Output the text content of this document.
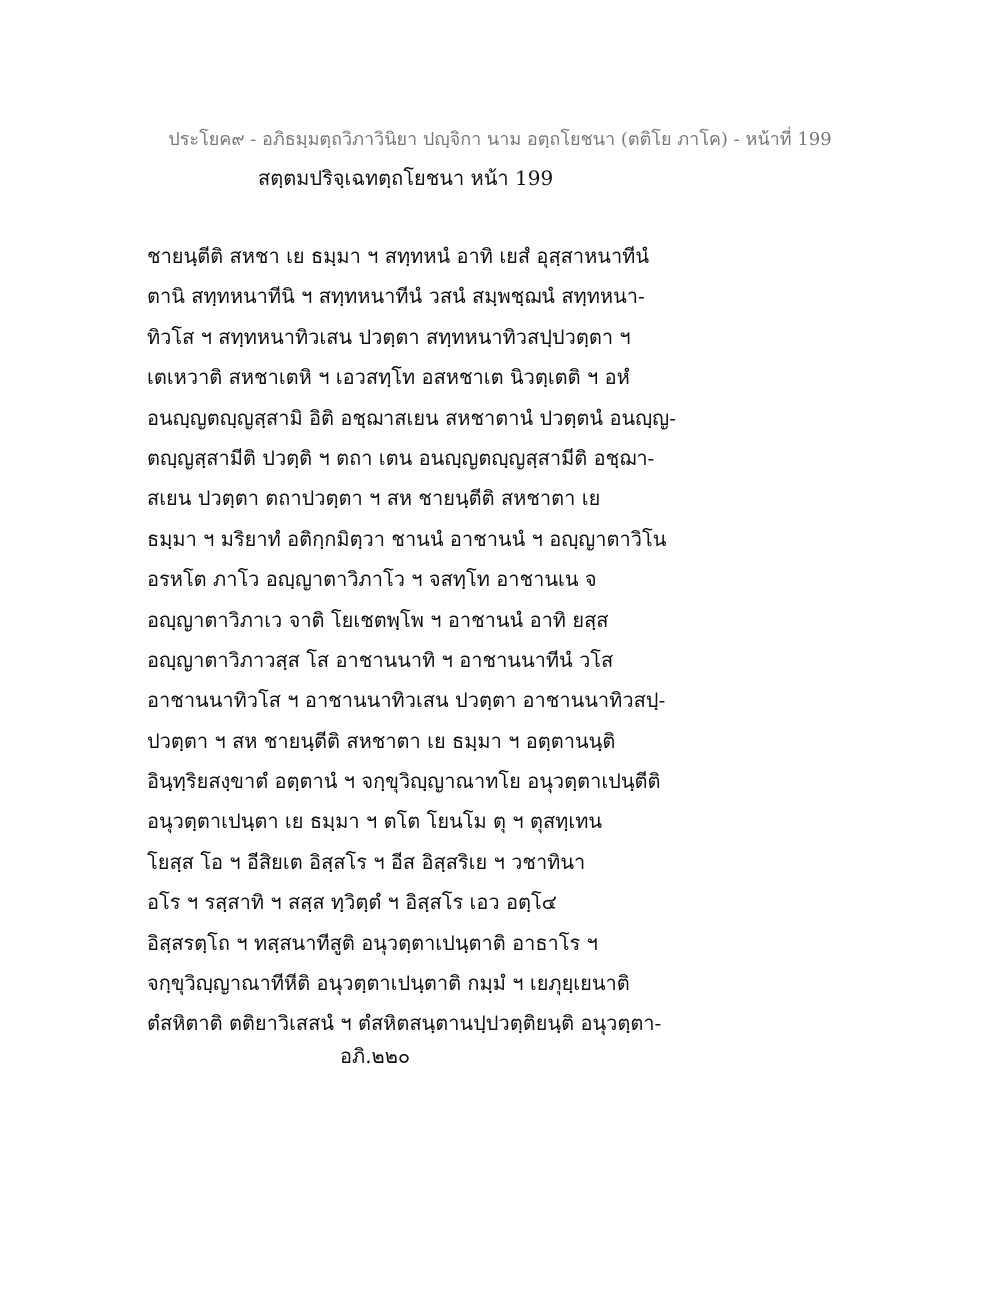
ประโยค๙ - อภิธมฺมตฺถวิภาวินิยา ปญฺจิกา นาม อตฺถโยชนา (ตติโย ภาโค) - หน้าที่ 199
สตฺตมปริจฺเฉทตฺถโยชนา หน้า 199
ชายนฺตีติ สหชา เย ธมฺมา ฯ สทฺทหนํ อาทิ เยสํ อุสฺสาหนาทีนํ
ตานิ สทฺทหนาทีนิ ฯ สทฺทหนาทีนํ วสนํ สมฺพชฺฌนํ สทฺทหนา-
ทิวโส ฯ สทฺทหนาทิวเสน ปวตฺตา สทฺทหนาทิวสปฺปวตฺตา ฯ
เตเหวาติ สหชาเตหิ ฯ เอวสทฺโท อสหชาเต นิวตฺเตติ ฯ อหํ
อนญฺญตญฺญสฺสามิ อิติ อชฺฌาสเยน สหชาตานํ ปวตฺตนํ อนญฺญ-
ตญฺญสฺสามีติ ปวตฺติ ฯ ตถา เตน อนญฺญตญฺญสฺสามีติ อชฺฌา-
สเยน ปวตฺตา ตถาปวตฺตา ฯ สห ชายนฺตีติ สหชาตา เย
ธมฺมา ฯ มริยาทํ อติกฺกมิตฺวา ชานนํ อาชานนํ ฯ อญฺญาตาวิโน
อรหโต ภาโว อญฺญาตาวิภาโว ฯ จสทฺโท อาชานเน จ
อญฺญาตาวิภาเว จาติ โยเชตพฺโพ ฯ อาชานนํ อาทิ ยสฺส
อญฺญาตาวิภาวสฺส โส อาชานนาทิ ฯ อาชานนาทีนํ วโส
อาชานนาทิวโส ฯ อาชานนาทิวเสน ปวตฺตา อาชานนาทิวสปฺ-
ปวตฺตา ฯ สห ชายนฺตีติ สหชาตา เย ธมฺมา ฯ อตฺตานนฺติ
อินฺทฺริยสงฺขาตํ อตฺตานํ ฯ จกฺขุวิญฺญาณาทโย อนุวตฺตาเปนฺตีติ
อนุวตฺตาเปนฺตา เย ธมฺมา ฯ ตโต โยนโม ตุ ฯ ตุสทฺเทน
โยสฺส โอ ฯ อีสิยเต อิสฺสโร ฯ อีส อิสฺสริเย ฯ วชาทินา
อโร ฯ รสฺสาทิ ฯ สสฺส ทฺวิตฺตํ ฯ อิสฺสโร เอว อตฺโ๔
อิสฺสรตฺโถ ฯ ทสฺสนาทีสูติ อนุวตฺตาเปนฺตาติ อาธาโร ฯ
จกฺขุวิญฺญาณาทีหีติ อนุวตฺตาเปนฺตาติ กมฺมํ ฯ เยภุยฺเยนาติ
ตํสหิตาติ ตติยาวิเสสนํ ฯ ตํสหิตสนฺตานปฺปวตฺติยนฺติ อนุวตฺตา-
อภิ.๒๒๐
